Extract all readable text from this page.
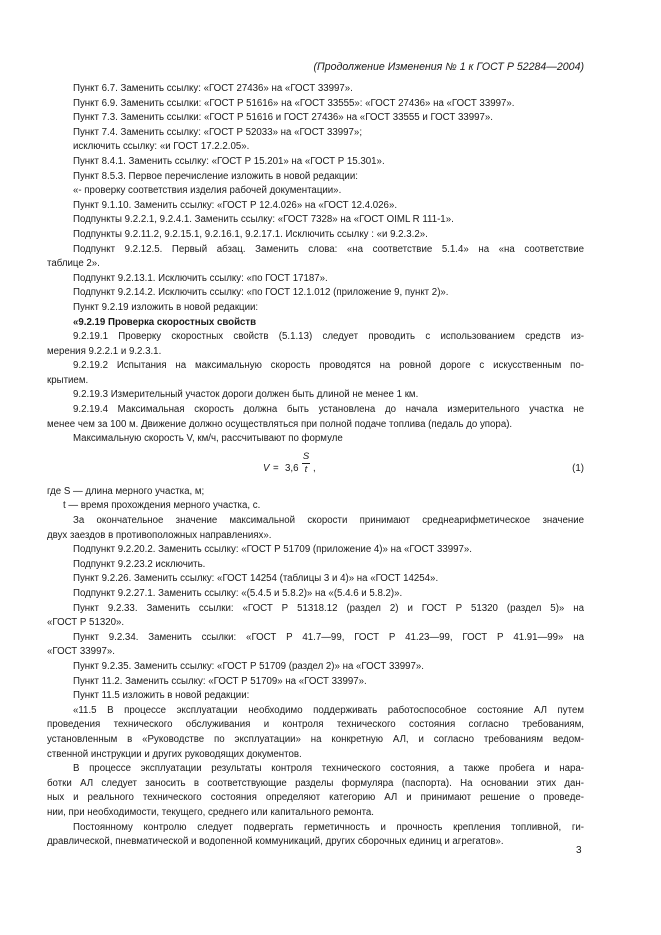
(Продолжение Изменения № 1 к ГОСТ Р 52284—2004)

Пункт 6.7. Заменить ссылку: «ГОСТ 27436» на «ГОСТ 33997».

Пункт 6.9. Заменить ссылки: «ГОСТ Р 51616» на «ГОСТ 33555»: «ГОСТ 27436» на «ГОСТ 33997».

Пункт 7.3. Заменить ссылки: «ГОСТ Р 51616 и ГОСТ 27436» на «ГОСТ 33555 и ГОСТ 33997».

Пункт 7.4. Заменить ссылку: «ГОСТ Р 52033» на «ГОСТ 33997»;

исключить ссылку: «и ГОСТ 17.2.2.05».

Пункт 8.4.1. Заменить ссылку: «ГОСТ Р 15.201» на «ГОСТ Р 15.301».

Пункт 8.5.3. Первое перечисление изложить в новой редакции:

«- проверку соответствия изделия рабочей документации».

Пункт 9.1.10. Заменить ссылку: «ГОСТ Р 12.4.026» на «ГОСТ 12.4.026».

Подпункты 9.2.2.1, 9.2.4.1. Заменить ссылку: «ГОСТ 7328» на «ГОСТ OIML R 111-1».

Подпункты 9.2.11.2, 9.2.15.1, 9.2.16.1, 9.2.17.1. Исключить ссылку : «и 9.2.3.2».

Подпункт 9.2.12.5. Первый абзац. Заменить слова: «на соответствие 5.1.4» на «на соответствие

таблице 2».

Подпункт 9.2.13.1. Исключить ссылку: «по ГОСТ 17187».

Подпункт 9.2.14.2. Исключить ссылку: «по ГОСТ 12.1.012 (приложение 9, пункт 2)».

Пункт 9.2.19 изложить в новой редакции:

«9.2.19 Проверка скоростных свойств

9.2.19.1 Проверку скоростных свойств (5.1.13) следует проводить с использованием средств из-

мерения 9.2.2.1 и 9.2.3.1.

9.2.19.2 Испытания на максимальную скорость проводятся на ровной дороге с искусственным по-

крытием.

9.2.19.3 Измерительный участок дороги должен быть длиной не менее 1 км.

9.2.19.4 Максимальная скорость должна быть установлена до начала измерительного участка не

менее чем за 100 м. Движение должно осуществляться при полной подаче топлива (педаль до упора).

Максимальную скорость V, км/ч, рассчитывают по формуле

$V = 3,6 \frac{S}{t}$ ,	(1)

где S — длина мерного участка, м;

t — время прохождения мерного участка, с.

За окончательное значение максимальной скорости принимают среднеарифметическое значение

двух заездов в противоположных направлениях».

Подпункт 9.2.20.2. Заменить ссылку: «ГОСТ Р 51709 (приложение 4)» на «ГОСТ 33997».

Подпункт 9.2.23.2 исключить.

Пункт 9.2.26. Заменить ссылку: «ГОСТ 14254 (таблицы 3 и 4)» на «ГОСТ 14254».

Подпункт 9.2.27.1. Заменить ссылку: «(5.4.5 и 5.8.2)» на «(5.4.6 и 5.8.2)».

Пункт 9.2.33. Заменить ссылки: «ГОСТ Р 51318.12 (раздел 2) и ГОСТ Р 51320 (раздел 5)» на

«ГОСТ Р 51320».

Пункт 9.2.34. Заменить ссылки: «ГОСТ Р 41.7—99, ГОСТ Р 41.23—99, ГОСТ Р 41.91—99» на

«ГОСТ 33997».

Пункт 9.2.35. Заменить ссылку: «ГОСТ Р 51709 (раздел 2)» на «ГОСТ 33997».

Пункт 11.2. Заменить ссылку: «ГОСТ Р 51709» на «ГОСТ 33997».

Пункт 11.5 изложить в новой редакции:

«11.5 В процессе эксплуатации необходимо поддерживать работоспособное состояние АЛ путем

проведения технического обслуживания и контроля технического состояния согласно требованиям,

установленным в «Руководстве по эксплуатации» на конкретную АЛ, и согласно требованиям ведом-

ственной инструкции и других руководящих документов.

В процессе эксплуатации результаты контроля технического состояния, а также пробега и нара-

ботки АЛ следует заносить в соответствующие разделы формуляра (паспорта). На основании этих дан-

ных и реального технического состояния определяют категорию АЛ и принимают решение о проведе-

нии, при необходимости, текущего, среднего или капитального ремонта.

Постоянному контролю следует подвергать герметичность и прочность крепления топливной, ги-

дравлической, пневматической и водопенной коммуникаций, других сборочных единиц и агрегатов».

3
